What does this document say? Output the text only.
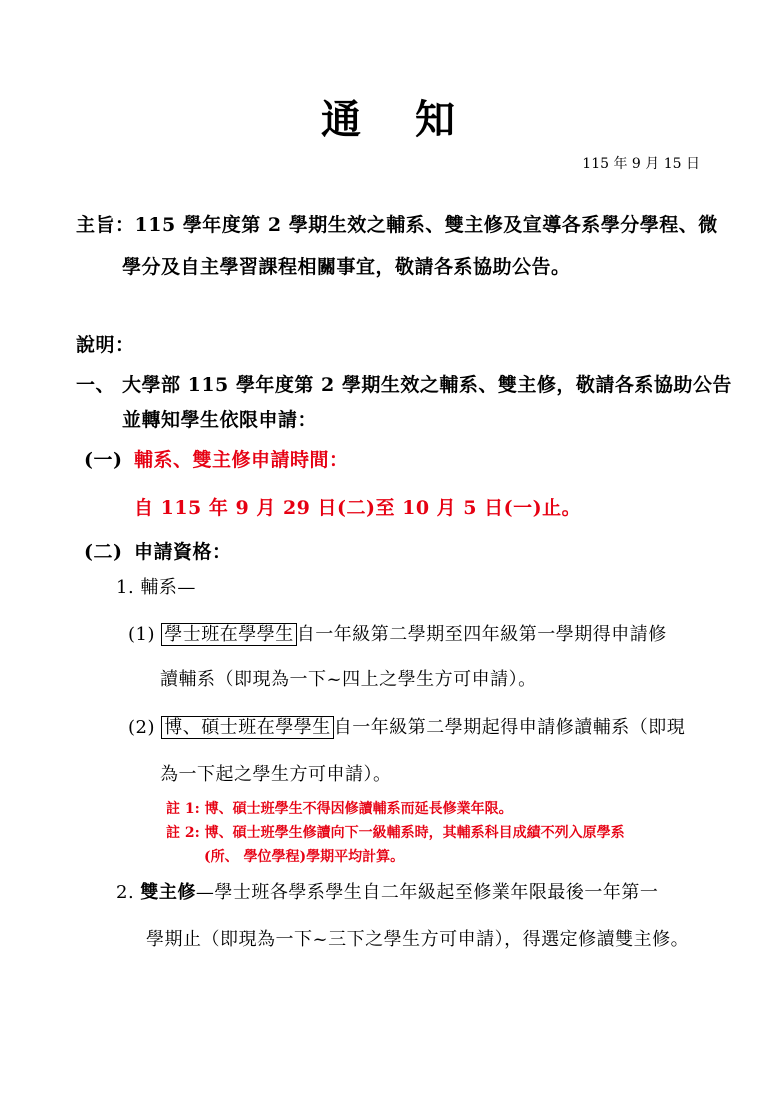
通 知
115 年 9 月 15 日
主旨：115 學年度第 2 學期生效之輔系、雙主修及宣導各系學分學程、微
學分及自主學習課程相關事宜，敬請各系協助公告。
說明：
一、 大學部 115 學年度第 2 學期生效之輔系、雙主修，敬請各系協助公告
並轉知學生依限申請：
(一) 輔系、雙主修申請時間：
自 115 年 9 月 29 日(二)至 10 月 5 日(一)止。
(二) 申請資格：
1. 輔系—
(1) 學士班在學學生 自一年級第二學期至四年級第一學期得申請修
讀輔系（即現為一下~四上之學生方可申請）。
(2) 博、碩士班在學學生 自一年級第二學期起得申請修讀輔系（即現
為一下起之學生方可申請）。
註 1: 博、碩士班學生不得因修讀輔系而延長修業年限。
註 2: 博、碩士班學生修讀向下一級輔系時，其輔系科目成績不列入原學系
(所、 學位學程)學期平均計算。
2. 雙主修—學士班各學系學生自二年級起至修業年限最後一年第一
學期止（即現為一下~三下之學生方可申請），得選定修讀雙主修。
